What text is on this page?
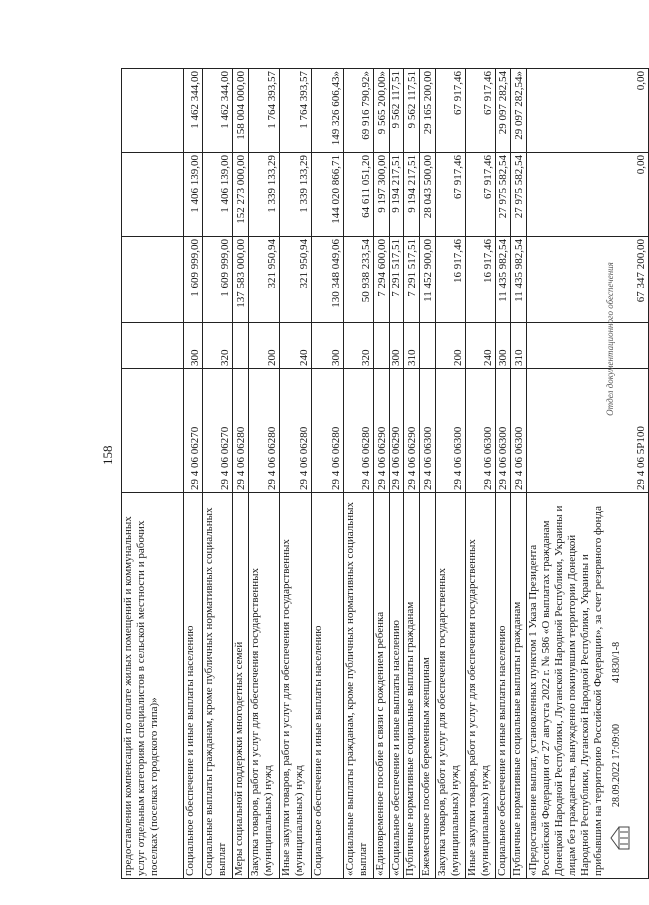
158
предоставлении компенсаций по оплате жилых помещений и коммунальных услуг отдельным категориям специалистов в сельской местности и рабочих поселках (поселках городского типа)»					
Социальное обеспечение и иные выплаты населению	29 4 06 06270	300	1 609 999,00	1 406 139,00	1 462 344,00
Социальные выплаты гражданам, кроме публичных нормативных социальных выплат	29 4 06 06270	320	1 609 999,00	1 406 139,00	1 462 344,00
Меры социальной поддержки многодетных семей	29 4 06 06280		137 583 000,00	152 273 000,00	158 004 000,00
Закупка товаров, работ и услуг для обеспечения государственных (муниципальных) нужд	29 4 06 06280	200	321 950,94	1 339 133,29	1 764 393,57
Иные закупки товаров, работ и услуг для обеспечения государственных (муниципальных) нужд	29 4 06 06280	240	321 950,94	1 339 133,29	1 764 393,57
Социальное обеспечение и иные выплаты населению	29 4 06 06280	300	130 348 049,06	144 020 866,71	149 326 606,43»
«Социальные выплаты гражданам, кроме публичных нормативных социальных выплат	29 4 06 06280	320	50 938 233,54	64 611 051,20	69 916 790,92»
«Единовременное пособие в связи с рождением ребенка	29 4 06 06290		7 294 600,00	9 197 300,00	9 565 200,00»
«Социальное обеспечение и иные выплаты населению	29 4 06 06290	300	7 291 517,51	9 194 217,51	9 562 117,51
Публичные нормативные социальные выплаты гражданам	29 4 06 06290	310	7 291 517,51	9 194 217,51	9 562 117,51
Ежемесячное пособие беременным женщинам	29 4 06 06300		11 452 900,00	28 043 500,00	29 165 200,00
Закупка товаров, работ и услуг для обеспечения государственных (муниципальных) нужд	29 4 06 06300	200	16 917,46	67 917,46	67 917,46
Иные закупки товаров, работ и услуг для обеспечения государственных (муниципальных) нужд	29 4 06 06300	240	16 917,46	67 917,46	67 917,46
Социальное обеспечение и иные выплаты населению	29 4 06 06300	300	11 435 982,54	27 975 582,54	29 097 282,54
Публичные нормативные социальные выплаты гражданам	29 4 06 06300	310	11 435 982,54	27 975 582,54	29 097 282,54»
«Предоставление выплат, установленных пунктом 1 Указа Президента Российской Федерации от 27 августа 2022 г. № 586 «О выплатах гражданам Донецкой Народной Республики, Луганской Народной Республики, Украины и лицам без гражданства, вынужденно покинувшим территории Донецкой Народной Республики, Луганской Народной Республики, Украины и прибывшим на территорию Российской Федерации», за счет резервного фонда	29 4 06 5Р100		67 347 200,00	0,00	0,00
28.09.2022 17:09:00
41830/1-8
Отдел документационного обеспечения
